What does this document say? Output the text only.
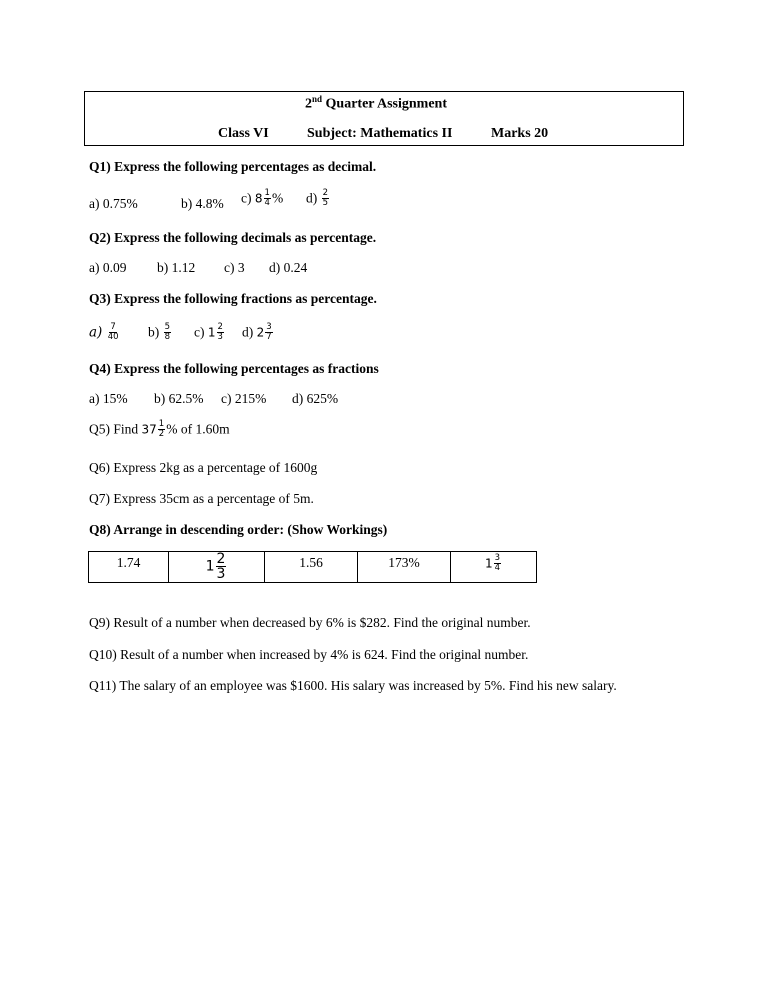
2nd Quarter Assignment
Class VI	Subject: Mathematics II	Marks 20
Q1) Express the following percentages as decimal.
a) 0.75%	b) 4.8% c) $8 \frac{1}{4}$ % $d) \frac{2}{5}$
Q2) Express the following decimals as percentage.
a) 0.09 b) 1.12 c) 3 d) 0.24
Q3) Express the following fractions as percentage.
$a) \frac{7}{40} b) \frac{5}{8} c$) $1 \frac{2}{3} d$) $2 \frac{3}{7}$
Q4) Express the following percentages as fractions
a) 15% b) 62.5% c) 215% d) 625%
Q5) Find $37 \frac{1}{2}$ % of 1.60m
Q6) Express 2kg as a percentage of 1600g
Q7) Express 35cm as a percentage of 5m.
Q8) Arrange in descending order: (Show Workings)
1.74	$1 \frac{2}{3}$	1.56	173%	$1 \frac{3}{4}$
Q9) Result of a number when decreased by 6% is $282. Find the original number.
Q10) Result of a number when increased by 4% is 624. Find the original number.
Q11) The salary of an employee was $1600. His salary was increased by 5%. Find his new salary.
